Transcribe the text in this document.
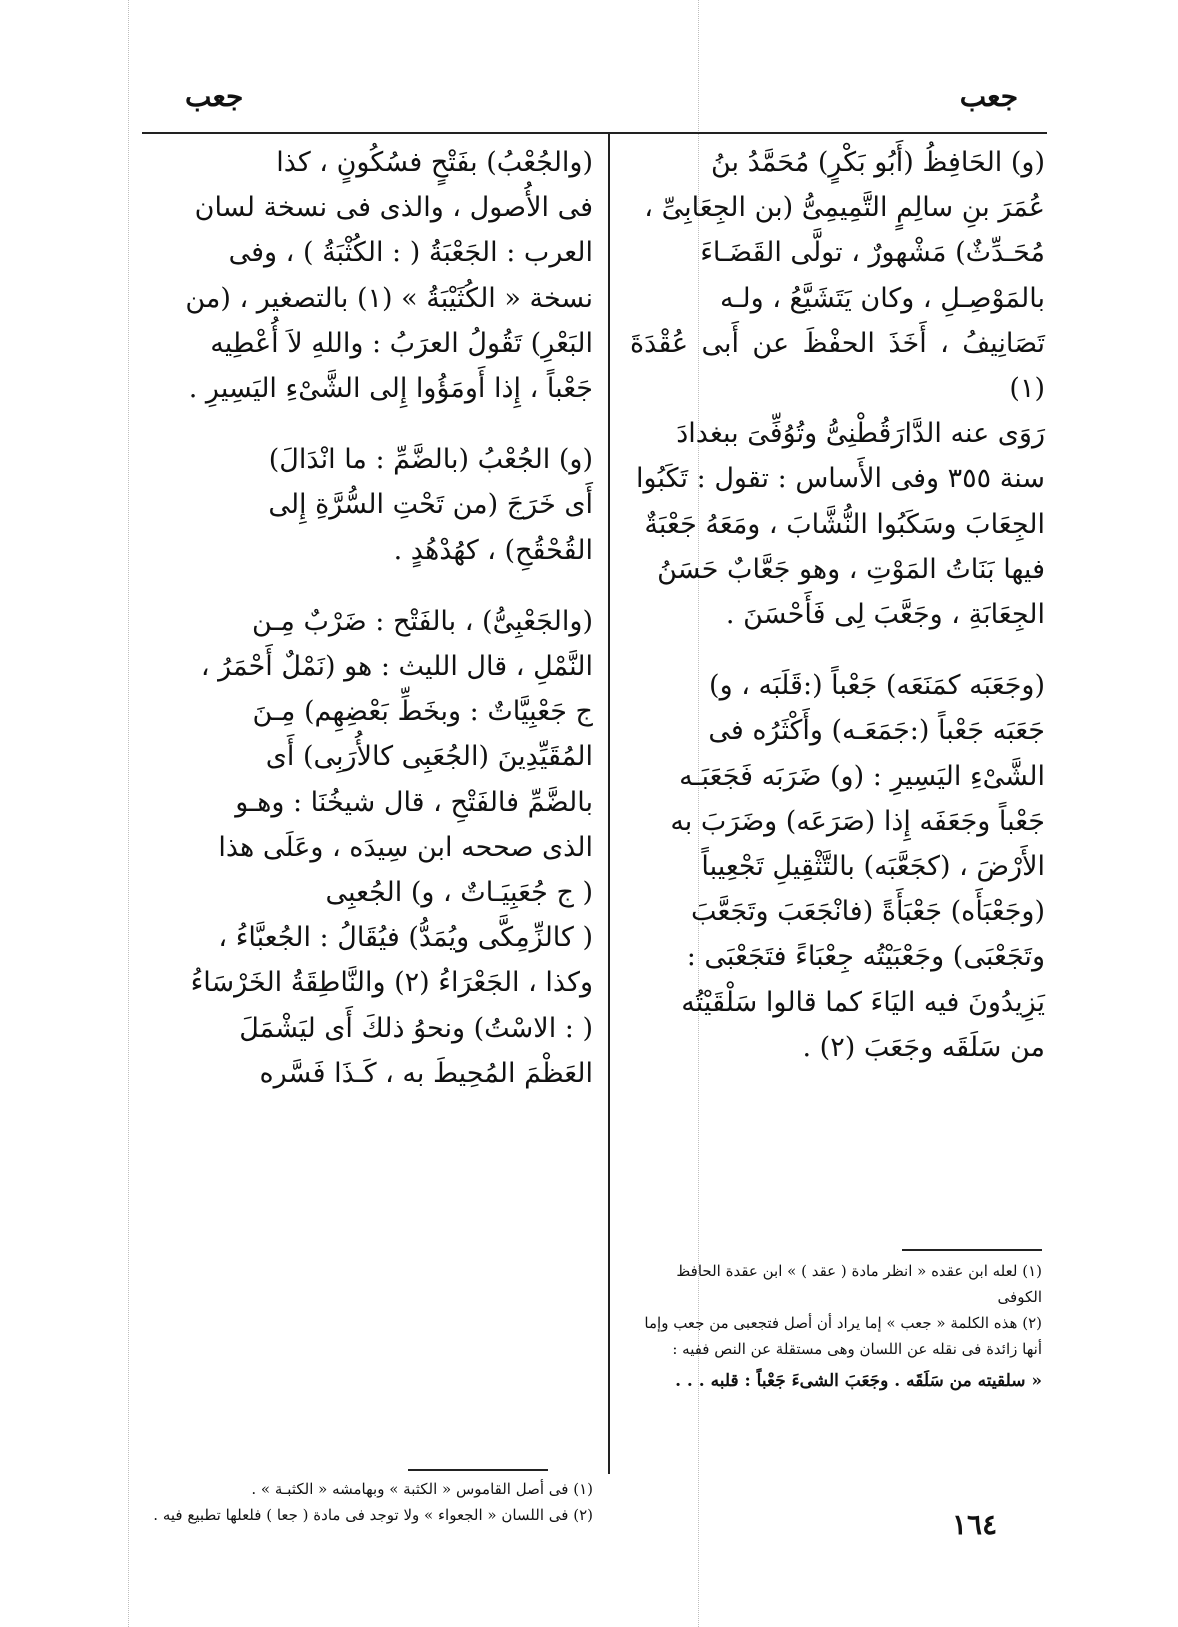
جعب
جعب

(و) الحَافِظُ (أَبُو بَكْرٍ) مُحَمَّدُ بنُ

عُمَرَ بنِ سالِمٍ التَّمِيمِىُّ (بن الجِعَابِىِّ ،

مُحَـدِّثٌ) مَشْهورٌ ، تولَّى القَضَـاءَ

بالمَوْصِـلِ ، وكان يَتَشَيَّعُ ، ولـه

تَصَانِيفُ ، أَخَذَ الحفْظَ عن أَبى عُقْدَةَ (١)

رَوَى عنه الدَّارَقُطْنِىُّ وتُوُفِّىَ ببغدادَ

سنة ٣٥٥ وفى الأَساس : تقول : تَكَبُوا

الجِعَابَ وسَكَبُوا النُّشَّابَ ، ومَعَهُ جَعْبَةٌ

فيها بَنَاتُ المَوْتِ ، وهو جَعَّابٌ حَسَنُ

الجِعَابَةِ ، وجَعَّبَ لِى فَأَحْسَنَ .

(وجَعَبَه كمَنَعَه) جَعْباً (:قَلَبَه ، و)

جَعَبَه جَعْباً (:جَمَعَـه) وأَكْثَرُه فى

الشَّىْءِ اليَسِيرِ : (و) ضَرَبَه فَجَعَبَـه

جَعْباً وجَعَفَه إِذا (صَرَعَه) وضَرَبَ به

الأَرْضَ ، (كجَعَّبَه) بالتَّثْقِيلِ تَجْعِيباً

(وجَعْبَأَه) جَعْبَأَةً (فانْجَعَبَ وتَجَعَّبَ

وتَجَعْبَى) وجَعْبَيْتُه جِعْبَاءً فتَجَعْبَى :

يَزِيدُونَ فيه اليَاءَ كما قالوا سَلْقَيْتُه

من سَلَقَه وجَعَبَ (٢) .

(١) لعله ابن عقده « انظر مادة ( عقد ) » ابن عقدة الحافظ الكوفى

(٢) هذه الكلمة « جعب » إما يراد أن أصل فتجعبى من جعب وإما أنها زائدة فى نقله عن اللسان وهى مستقلة عن النص ففيه :

« سلقيته من سَلَقَه . وجَعَبَ الشىءَ جَعْباً : قلبه . . .

(والجُعْبُ) بفَتْحٍ فسُكُونٍ ، كذا

فى الأُصول ، والذى فى نسخة لسان

العرب : الجَعْبَةُ ( : الكُثْبَةُ ) ، وفى

نسخة « الكُثَيْبَةُ » (١) بالتصغير ، (من

البَعْرِ) تَقُولُ العرَبُ : واللهِ لاَ أُعْطِيه

جَعْباً ، إِذا أَومَؤُوا إِلى الشَّىْءِ اليَسِيرِ .

(و) الجُعْبُ (بالضَّمِّ : ما انْدَالَ)

أَى خَرَجَ (من تَحْتِ السُّرَّةِ إِلى

القُحْقُحِ) ، كهُدْهُدٍ .

(والجَعْبِىُّ) ، بالفَتْح : ضَرْبٌ مِـن

النَّمْلِ ، قال الليث : هو (نَمْلٌ أَحْمَرُ ،

ج جَعْبِيَّاتٌ : وبخَطِّ بَعْضِهِم) مِـنَ

المُقَيِّدِينَ (الجُعَبِى كالأُرَبِى) أَى

بالضَّمِّ فالفَتْحِ ، قال شيخُنَا : وهـو

الذى صححه ابن سِيدَه ، وعَلَى هذا

( ج جُعَبِيَـاتٌ ، و) الجُعبِى

( كالزِّمِكَّى ويُمَدُّ) فيُقَالُ : الجُعبَّاءُ ،

وكذا ، الجَعْرَاءُ (٢) والنَّاطِقَةُ الخَرْسَاءُ

( : الاسْتُ) ونحوُ ذلكَ أَى ليَشْمَلَ

العَظْمَ المُحِيطَ به ، كَـذَا فَسَّره

(١) فى أصل القاموس « الكثبة » وبهامشه « الكثبـة » .

(٢) فى اللسان « الجعواء » ولا توجد فى مادة ( جعا ) فلعلها تطبيع فيه .	١٦٤
